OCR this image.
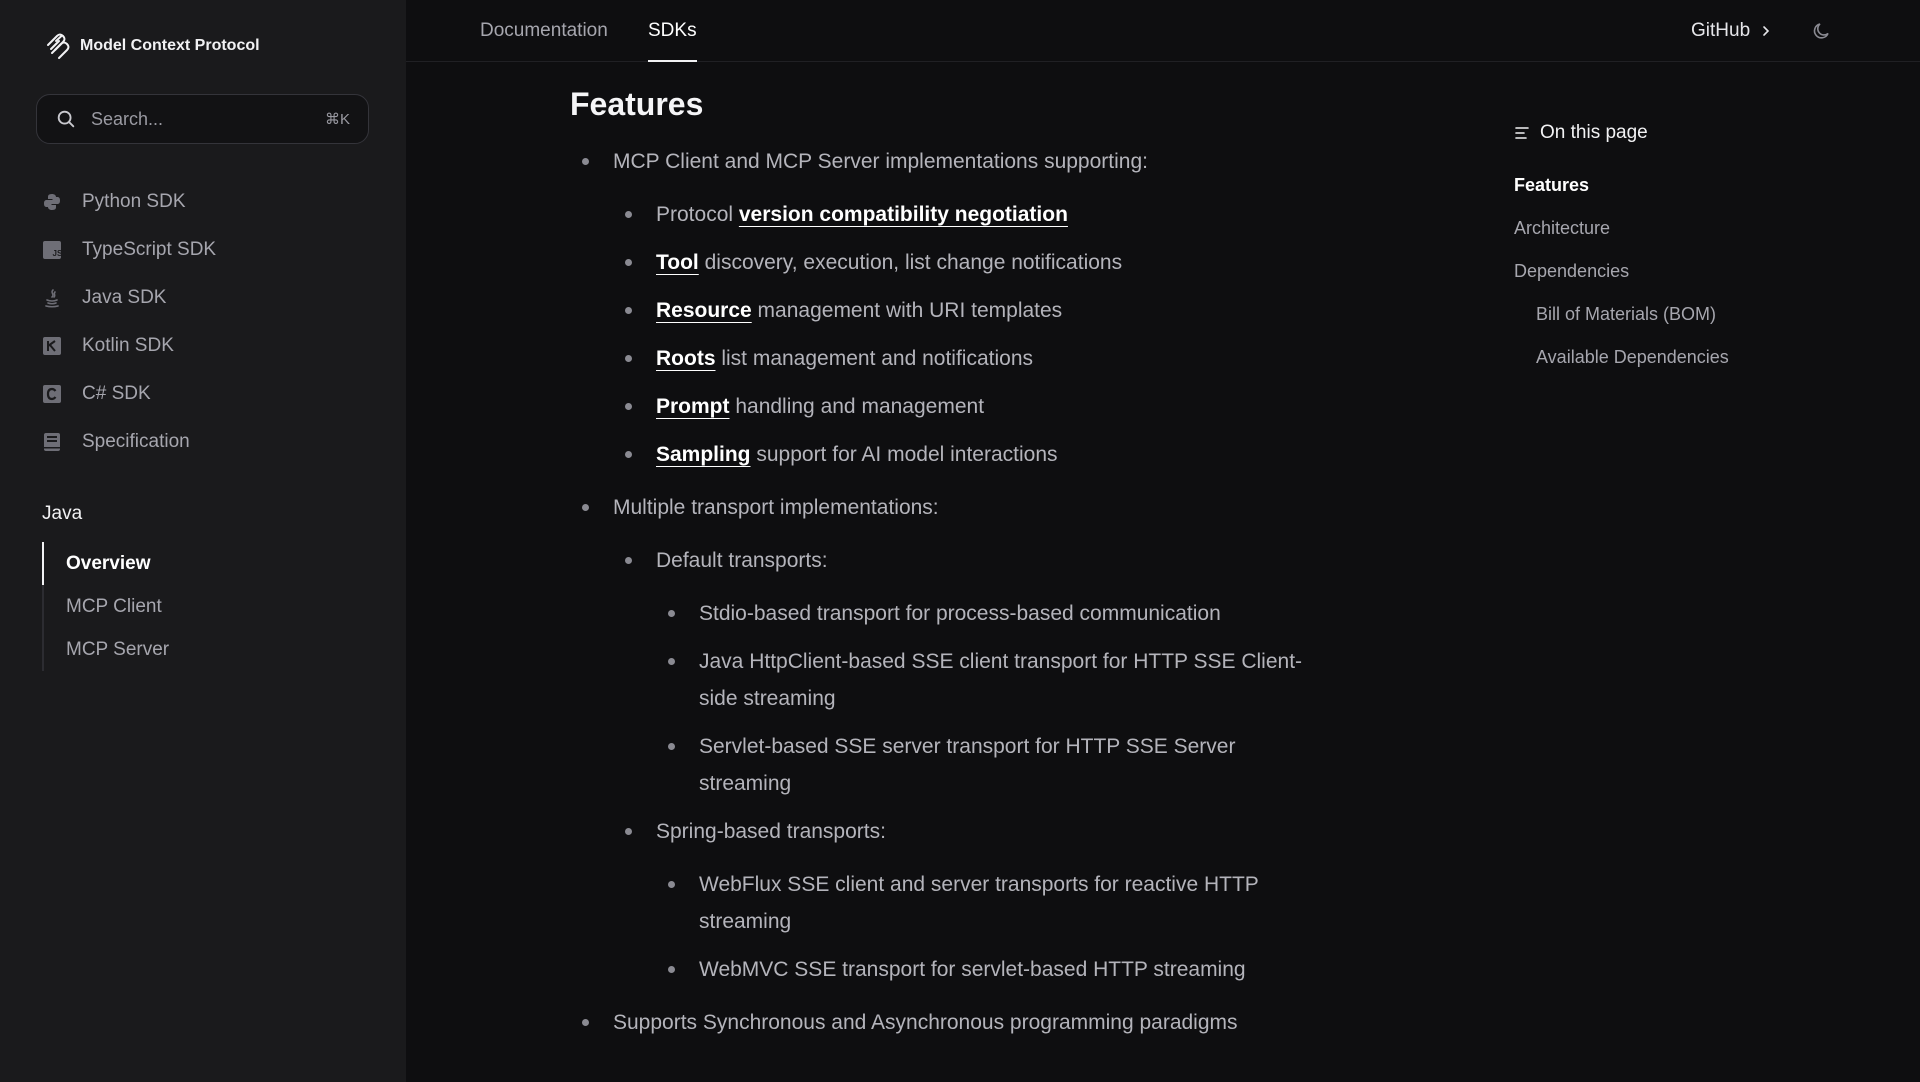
Model Context Protocol
Search...
⌘K
Python SDK
JS TypeScript SDK
Java SDK
Kotlin SDK
C# SDK
Specification
Java
Overview
MCP Client
MCP Server
Documentation SDKs	GitHub
Features
MCP Client and MCP Server implementations supporting:
Protocol version compatibility negotiation
Tool discovery, execution, list change notifications
Resource management with URI templates
Roots list management and notifications
Prompt handling and management
Sampling support for AI model interactions
Multiple transport implementations:
Default transports:
Stdio-based transport for process-based communication
Java HttpClient-based SSE client transport for HTTP SSE Client-side streaming
Servlet-based SSE server transport for HTTP SSE Server streaming
Spring-based transports:
WebFlux SSE client and server transports for reactive HTTP streaming
WebMVC SSE transport for servlet-based HTTP streaming
Supports Synchronous and Asynchronous programming paradigms
On this page
Features
Architecture
Dependencies
Bill of Materials (BOM)
Available Dependencies
